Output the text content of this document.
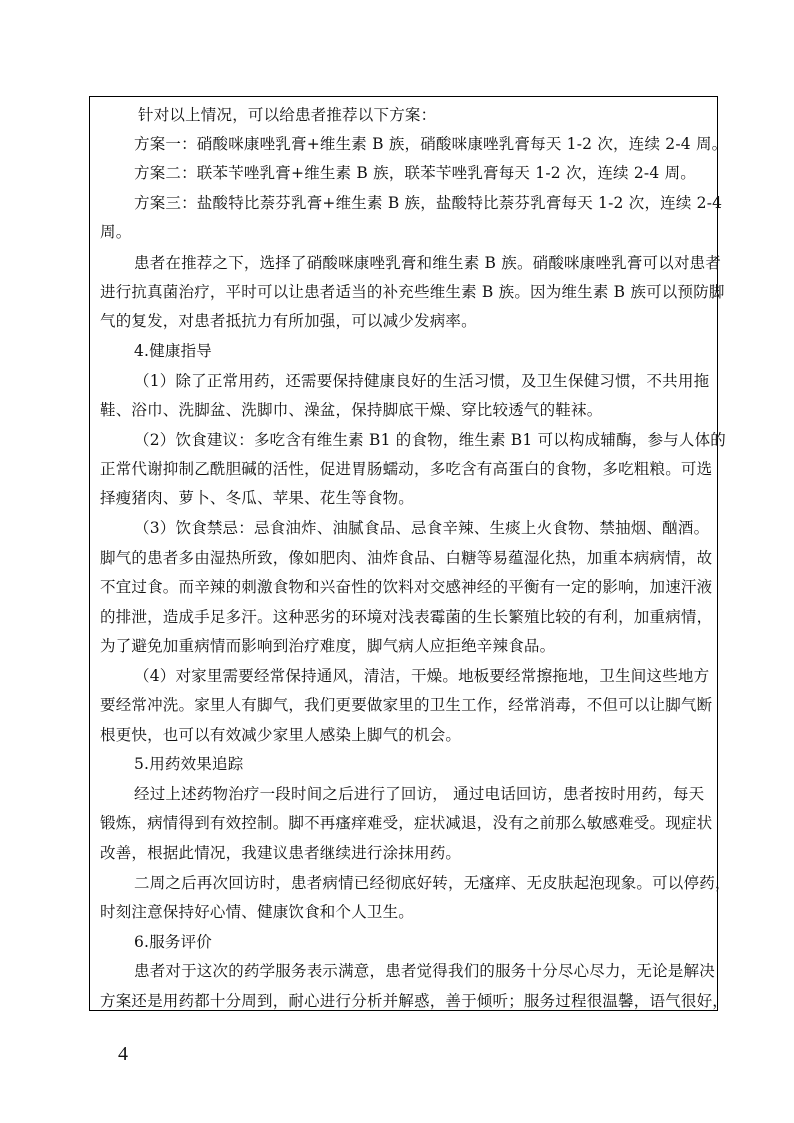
针对以上情况，可以给患者推荐以下方案：
方案一：硝酸咪康唑乳膏+维生素 B 族，硝酸咪康唑乳膏每天 1-2 次，连续 2-4 周。
方案二：联苯苄唑乳膏+维生素 B 族，联苯苄唑乳膏每天 1-2 次，连续 2-4 周。
方案三：盐酸特比萘芬乳膏+维生素 B 族，盐酸特比萘芬乳膏每天 1-2 次，连续 2-4
周。
患者在推荐之下，选择了硝酸咪康唑乳膏和维生素 B 族。硝酸咪康唑乳膏可以对患者
进行抗真菌治疗，平时可以让患者适当的补充些维生素 B 族。因为维生素 B 族可以预防脚
气的复发，对患者抵抗力有所加强，可以减少发病率。
4.健康指导
（1）除了正常用药，还需要保持健康良好的生活习惯，及卫生保健习惯，不共用拖
鞋、浴巾、洗脚盆、洗脚巾、澡盆，保持脚底干燥、穿比较透气的鞋袜。
（2）饮食建议：多吃含有维生素 B1 的食物，维生素 B1 可以构成辅酶，参与人体的
正常代谢抑制乙酰胆碱的活性，促进胃肠蠕动，多吃含有高蛋白的食物，多吃粗粮。可选
择瘦猪肉、萝卜、冬瓜、苹果、花生等食物。
（3）饮食禁忌：忌食油炸、油腻食品、忌食辛辣、生痰上火食物、禁抽烟、酗酒。
脚气的患者多由湿热所致，像如肥肉、油炸食品、白糖等易蕴湿化热，加重本病病情，故
不宜过食。而辛辣的刺激食物和兴奋性的饮料对交感神经的平衡有一定的影响，加速汗液
的排泄，造成手足多汗。这种恶劣的环境对浅表霉菌的生长繁殖比较的有利，加重病情，
为了避免加重病情而影响到治疗难度，脚气病人应拒绝辛辣食品。
（4）对家里需要经常保持通风，清洁，干燥。地板要经常擦拖地，卫生间这些地方
要经常冲洗。家里人有脚气，我们更要做家里的卫生工作，经常消毒，不但可以让脚气断
根更快，也可以有效减少家里人感染上脚气的机会。
5.用药效果追踪
经过上述药物治疗一段时间之后进行了回访， 通过电话回访，患者按时用药，每天
锻炼，病情得到有效控制。脚不再瘙痒难受，症状减退，没有之前那么敏感难受。现症状
改善，根据此情况，我建议患者继续进行涂抹用药。
二周之后再次回访时，患者病情已经彻底好转，无瘙痒、无皮肤起泡现象。可以停药，
时刻注意保持好心情、健康饮食和个人卫生。
6.服务评价
患者对于这次的药学服务表示满意，患者觉得我们的服务十分尽心尽力，无论是解决
方案还是用药都十分周到，耐心进行分析并解惑，善于倾听；服务过程很温馨，语气很好，
4
